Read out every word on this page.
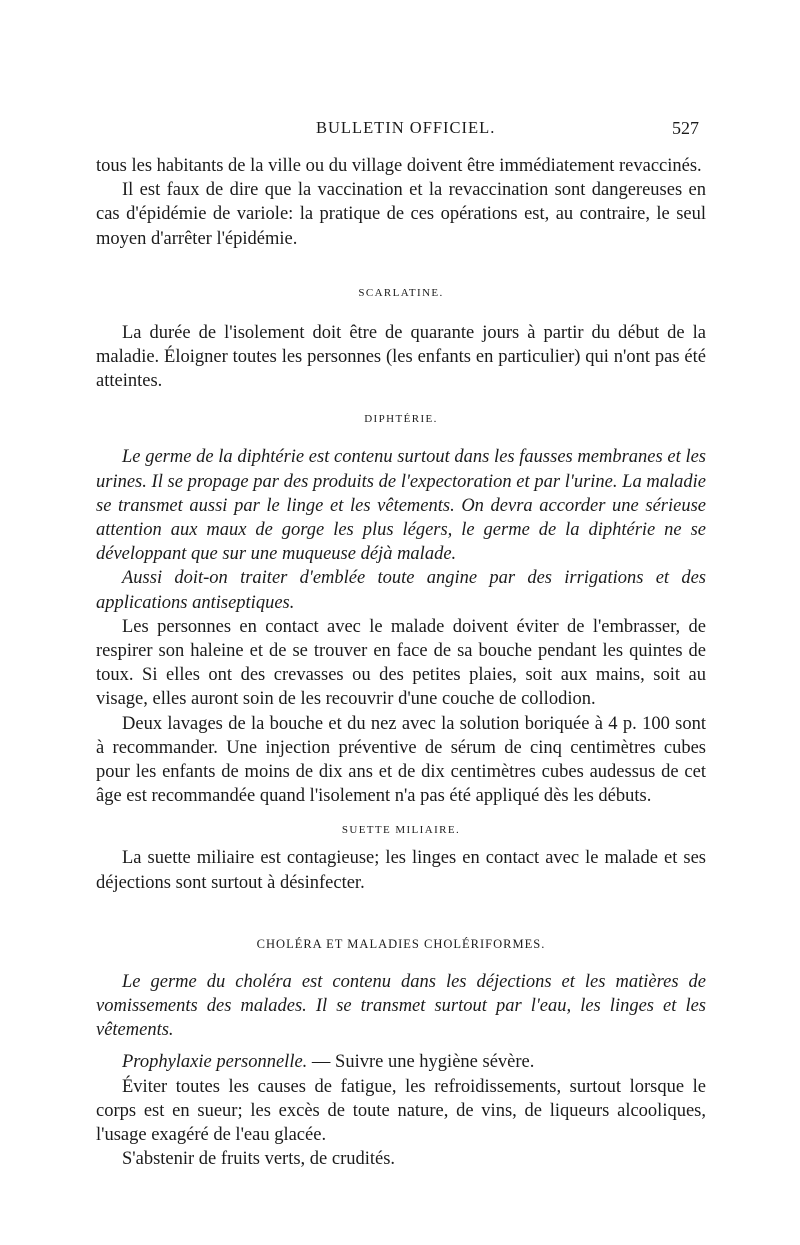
BULLETIN OFFICIEL.	527

tous les habitants de la ville ou du village doivent être immédiatement revaccinés.

Il est faux de dire que la vaccination et la revaccination sont dangereuses en cas d'épidémie de variole: la pratique de ces opérations est, au contraire, le seul moyen d'arrêter l'épidémie.

SCARLATINE.

La durée de l'isolement doit être de quarante jours à partir du début de la maladie. Éloigner toutes les personnes (les enfants en particulier) qui n'ont pas été atteintes.

DIPHTÉRIE.

Le germe de la diphtérie est contenu surtout dans les fausses membranes et les urines. Il se propage par des produits de l'expectoration et par l'urine. La maladie se transmet aussi par le linge et les vêtements. On devra accorder une sérieuse attention aux maux de gorge les plus légers, le germe de la diphtérie ne se développant que sur une muqueuse déjà malade.

Aussi doit-on traiter d'emblée toute angine par des irrigations et des applications antiseptiques.

Les personnes en contact avec le malade doivent éviter de l'embrasser, de respirer son haleine et de se trouver en face de sa bouche pendant les quintes de toux. Si elles ont des crevasses ou des petites plaies, soit aux mains, soit au visage, elles auront soin de les recouvrir d'une couche de collodion.

Deux lavages de la bouche et du nez avec la solution boriquée à 4 p. 100 sont à recommander. Une injection préventive de sérum de cinq centimètres cubes pour les enfants de moins de dix ans et de dix centimètres cubes audessus de cet âge est recommandée quand l'isolement n'a pas été appliqué dès les débuts.

SUETTE MILIAIRE.

La suette miliaire est contagieuse; les linges en contact avec le malade et ses déjections sont surtout à désinfecter.

CHOLÉRA ET MALADIES CHOLÉRIFORMES.

Le germe du choléra est contenu dans les déjections et les matières de vomissements des malades. Il se transmet surtout par l'eau, les linges et les vêtements.

Prophylaxie personnelle. — Suivre une hygiène sévère.

Éviter toutes les causes de fatigue, les refroidissements, surtout lorsque le corps est en sueur; les excès de toute nature, de vins, de liqueurs alcooliques, l'usage exagéré de l'eau glacée.

S'abstenir de fruits verts, de crudités.
